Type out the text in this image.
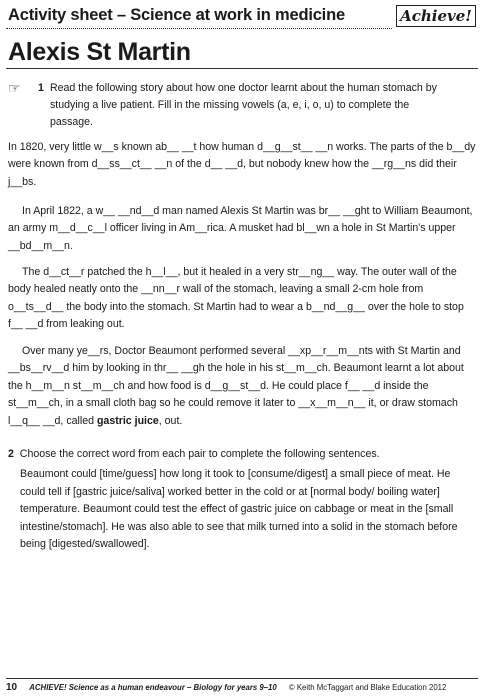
Activity sheet – Science at work in medicine	Achieve!
Alexis St Martin
☞ 1 Read the following story about how one doctor learnt about the human stomach by studying a live patient. Fill in the missing vowels (a, e, i, o, u) to complete the passage.
In 1820, very little w__s known ab__ __t how human d__g__st__ __n works. The parts of the b__dy were known from d__ss__ct__ __n of the d__ __d, but nobody knew how the __rg__ns did their j__bs.
In April 1822, a w__ __nd__d man named Alexis St Martin was br__ __ght to William Beaumont, an army m__d__c__l officer living in Am__rica. A musket had bl__wn a hole in St Martin's upper __bd__m__n.
The d__ct__r patched the h__l__, but it healed in a very str__ng__ way. The outer wall of the body healed neatly onto the __nn__r wall of the stomach, leaving a small 2-cm hole from o__ts__d__ the body into the stomach. St Martin had to wear a b__nd__g__ over the hole to stop f__ __d from leaking out.
Over many ye__rs, Doctor Beaumont performed several __xp__r__m__nts with St Martin and __bs__rv__d him by looking in thr__ __gh the hole in his st__m__ch. Beaumont learnt a lot about the h__m__n st__m__ch and how food is d__g__st__d. He could place f__ __d inside the st__m__ch, in a small cloth bag so he could remove it later to __x__m__n__ it, or draw stomach l__q__ __d, called gastric juice, out.
2 Choose the correct word from each pair to complete the following sentences.
Beaumont could [time/guess] how long it took to [consume/digest] a small piece of meat. He could tell if [gastric juice/saliva] worked better in the cold or at [normal body/ boiling water] temperature. Beaumont could test the effect of gastric juice on cabbage or meat in the [small intestine/stomach]. He was also able to see that milk turned into a solid in the stomach before being [digested/swallowed].
10 ACHIEVE! Science as a human endeavour – Biology for years 9–10 © Keith McTaggart and Blake Education 2012
